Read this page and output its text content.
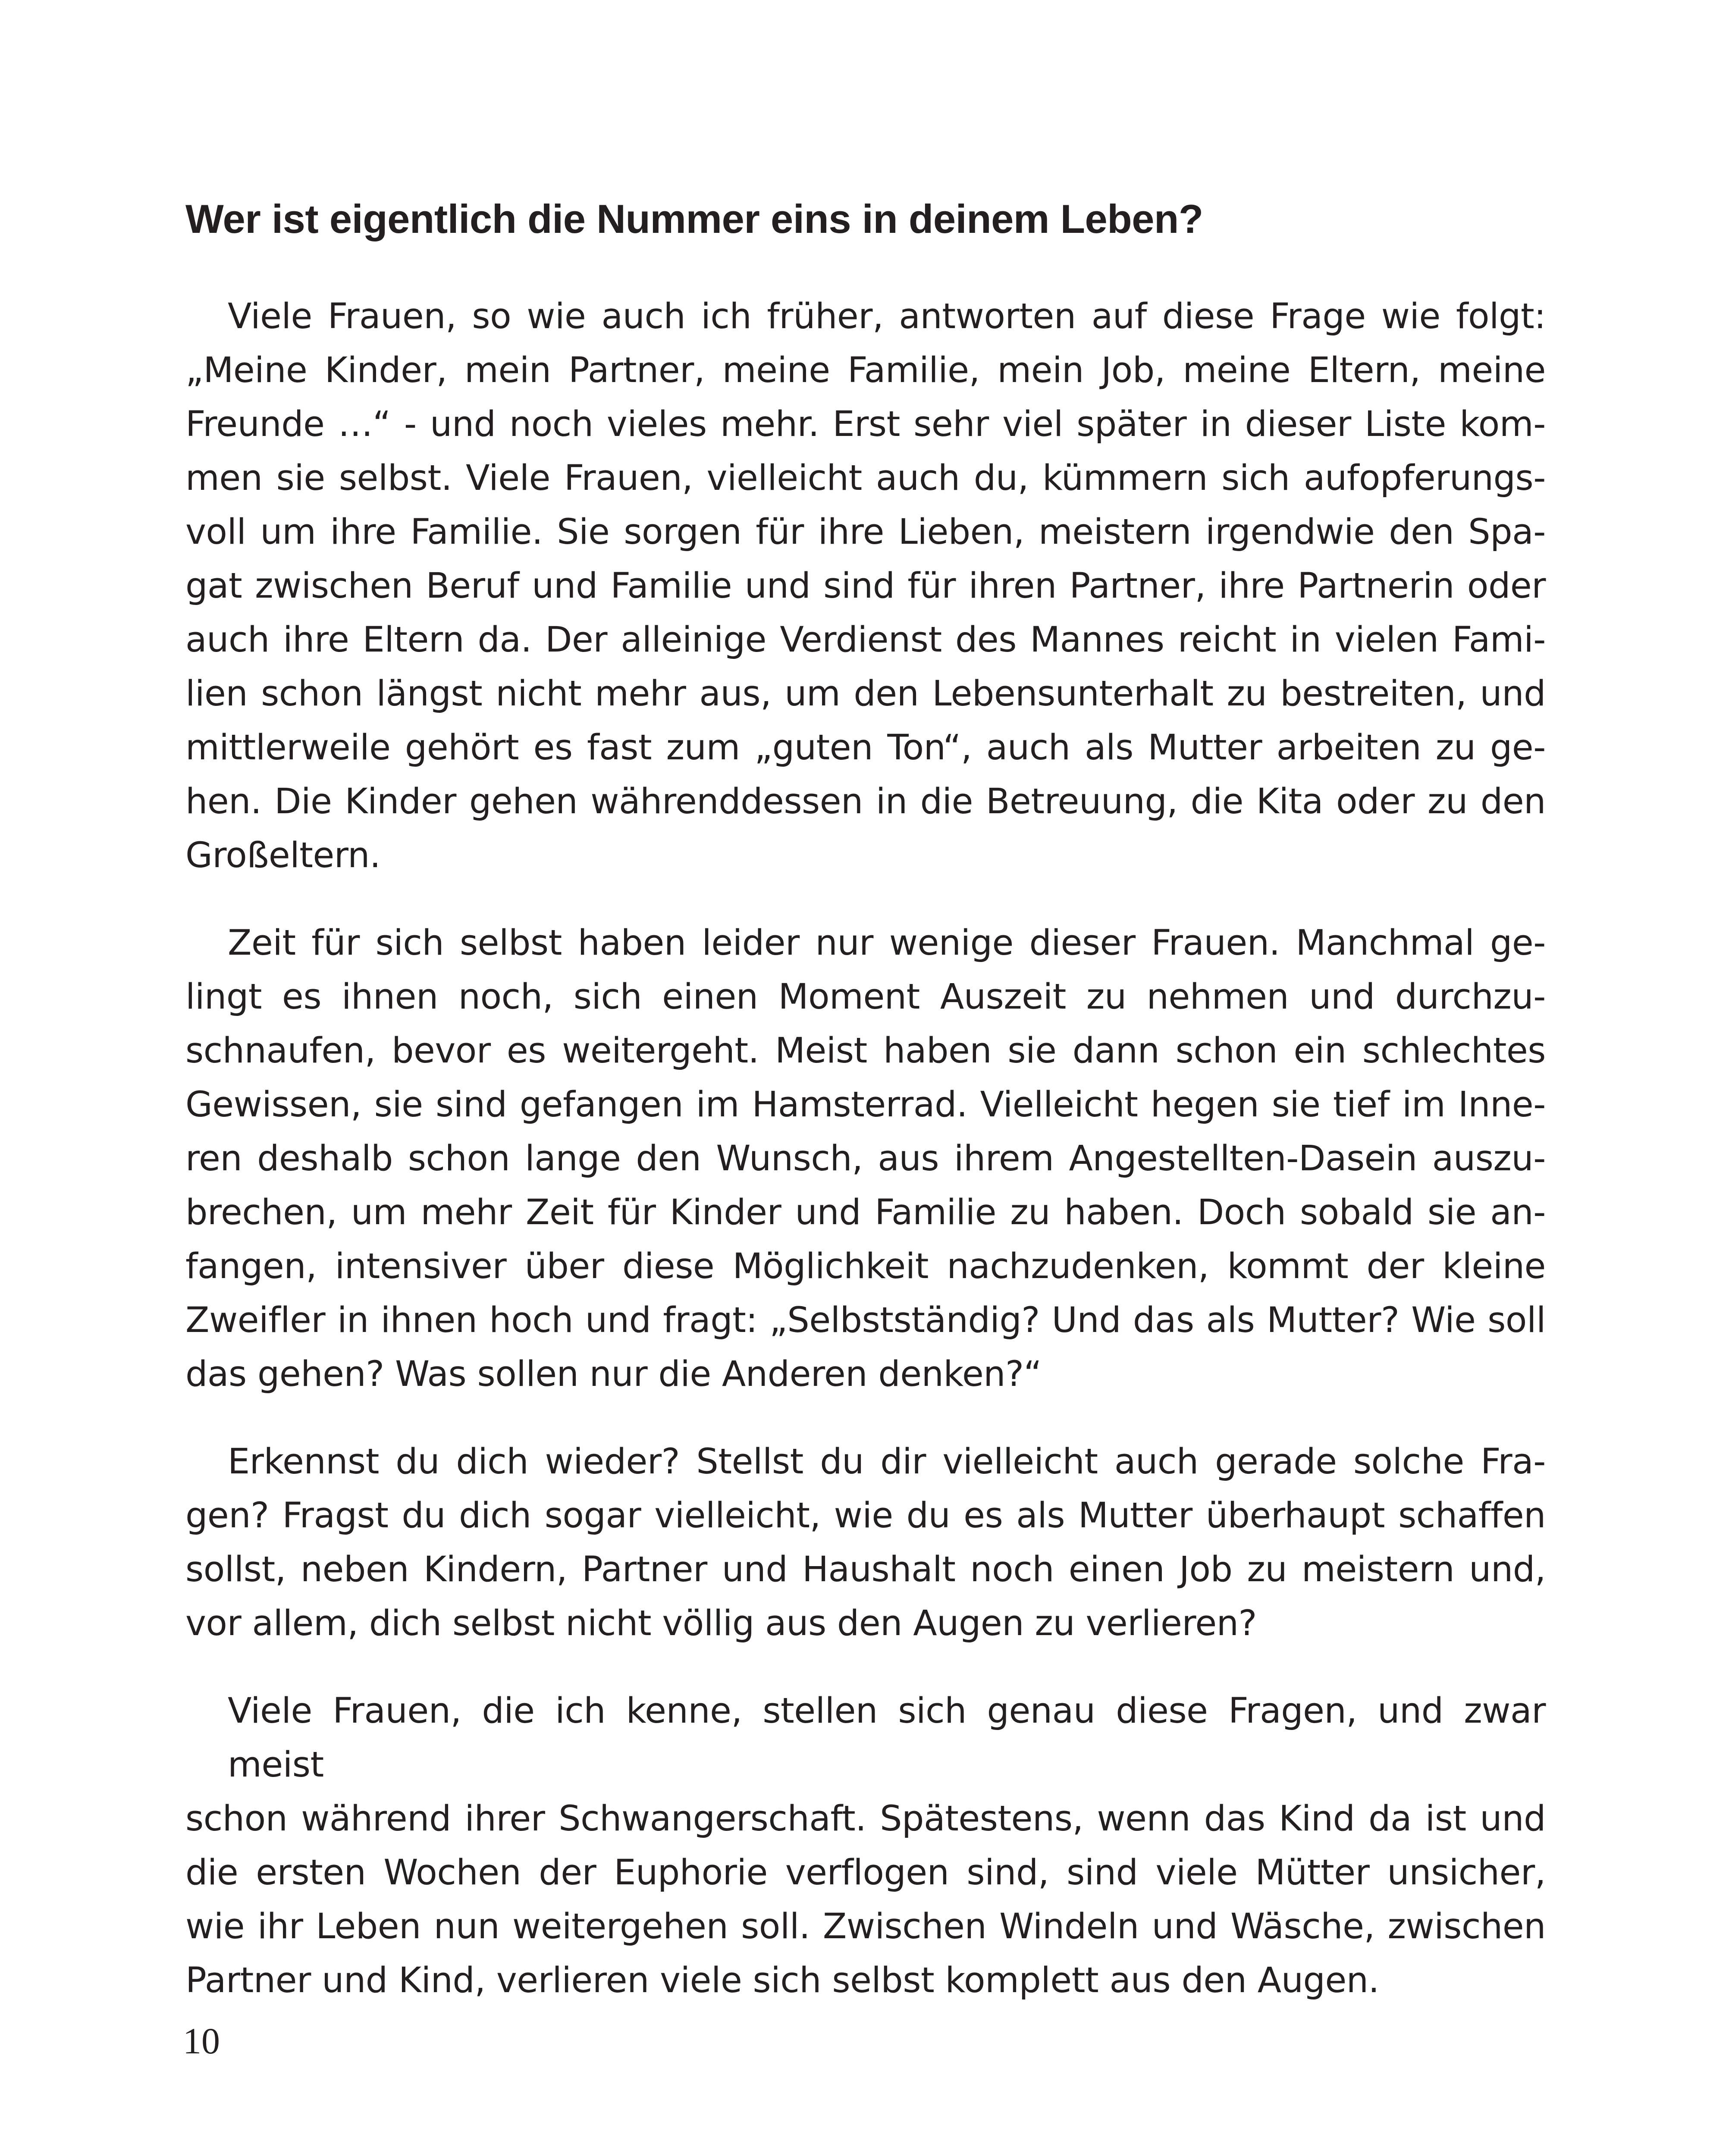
Wer ist eigentlich die Nummer eins in deinem Leben?

Viele Frauen, so wie auch ich früher, antworten auf diese Frage wie folgt:
„Meine Kinder, mein Partner, meine Familie, mein Job, meine Eltern, meine
Freunde …“ - und noch vieles mehr. Erst sehr viel später in dieser Liste kom-
men sie selbst. Viele Frauen, vielleicht auch du, kümmern sich aufopferungs-
voll um ihre Familie. Sie sorgen für ihre Lieben, meistern irgendwie den Spa-
gat zwischen Beruf und Familie und sind für ihren Partner, ihre Partnerin oder
auch ihre Eltern da. Der alleinige Verdienst des Mannes reicht in vielen Fami-
lien schon längst nicht mehr aus, um den Lebensunterhalt zu bestreiten, und
mittlerweile gehört es fast zum „guten Ton“, auch als Mutter arbeiten zu ge-
hen. Die Kinder gehen währenddessen in die Betreuung, die Kita oder zu den
Großeltern.

Zeit für sich selbst haben leider nur wenige dieser Frauen. Manchmal ge-
lingt es ihnen noch, sich einen Moment Auszeit zu nehmen und durchzu-
schnaufen, bevor es weitergeht. Meist haben sie dann schon ein schlechtes
Gewissen, sie sind gefangen im Hamsterrad. Vielleicht hegen sie tief im Inne-
ren deshalb schon lange den Wunsch, aus ihrem Angestellten-Dasein auszu-
brechen, um mehr Zeit für Kinder und Familie zu haben. Doch sobald sie an-
fangen, intensiver über diese Möglichkeit nachzudenken, kommt der kleine
Zweifler in ihnen hoch und fragt: „Selbstständig? Und das als Mutter? Wie soll
das gehen? Was sollen nur die Anderen denken?“

Erkennst du dich wieder? Stellst du dir vielleicht auch gerade solche Fra-
gen? Fragst du dich sogar vielleicht, wie du es als Mutter überhaupt schaffen
sollst, neben Kindern, Partner und Haushalt noch einen Job zu meistern und,
vor allem, dich selbst nicht völlig aus den Augen zu verlieren?

Viele Frauen, die ich kenne, stellen sich genau diese Fragen, und zwar meist
schon während ihrer Schwangerschaft. Spätestens, wenn das Kind da ist und
die ersten Wochen der Euphorie verflogen sind, sind viele Mütter unsicher,
wie ihr Leben nun weitergehen soll. Zwischen Windeln und Wäsche, zwischen
Partner und Kind, verlieren viele sich selbst komplett aus den Augen.

10
